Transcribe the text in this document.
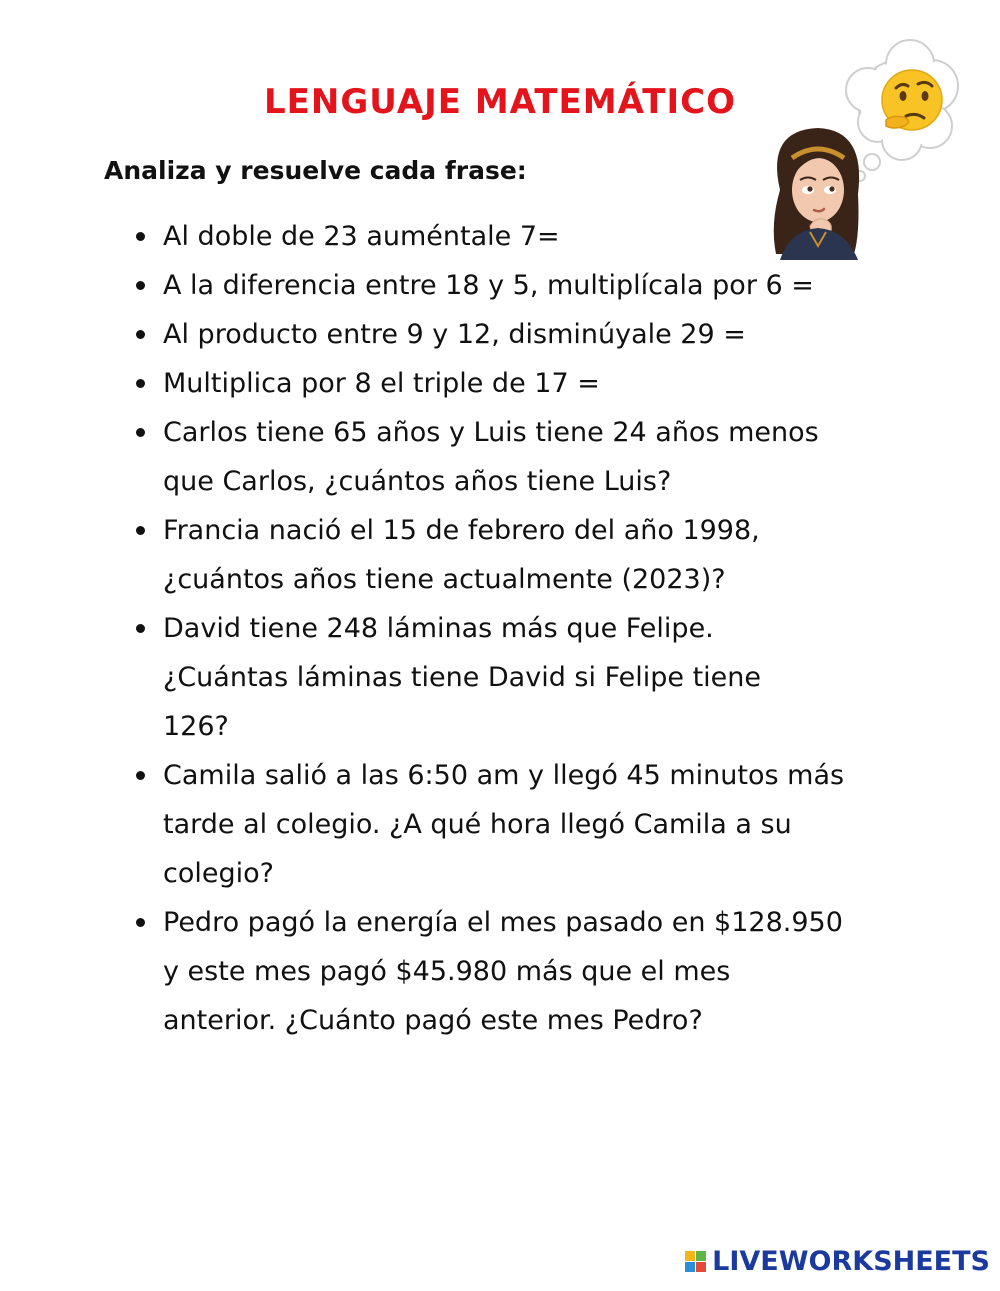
LENGUAJE MATEMÁTICO

Analiza y resuelve cada frase:

Al doble de 23 auméntale 7=
A la diferencia entre 18 y 5, multiplícala por 6 =
Al producto entre 9 y 12, disminúyale 29 =
Multiplica por 8 el triple de 17 =
Carlos tiene 65 años y Luis tiene 24 años menos
que Carlos, ¿cuántos años tiene Luis?
Francia nació el 15 de febrero del año 1998,
¿cuántos años tiene actualmente (2023)?
David tiene 248 láminas más que Felipe.
¿Cuántas láminas tiene David si Felipe tiene
126?
Camila salió a las 6:50 am y llegó 45 minutos más
tarde al colegio. ¿A qué hora llegó Camila a su
colegio?
Pedro pagó la energía el mes pasado en $128.950
y este mes pagó $45.980 más que el mes
anterior. ¿Cuánto pagó este mes Pedro?
LIVEWORKSHEETS
